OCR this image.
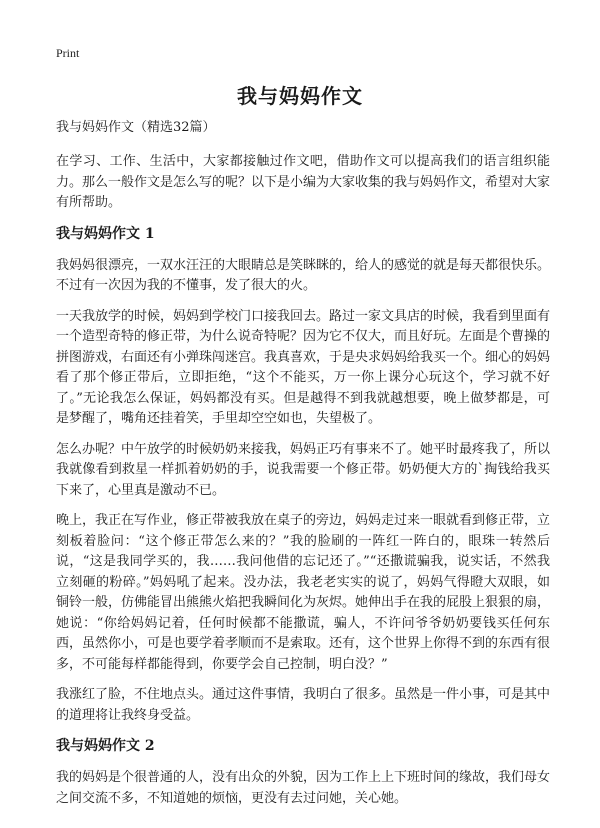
Print
我与妈妈作文
我与妈妈作文（精选32篇）

在学习、工作、生活中，大家都接触过作文吧，借助作文可以提高我们的语言组织能力。那么一般作文是怎么写的呢？以下是小编为大家收集的我与妈妈作文，希望对大家有所帮助。

我与妈妈作文 1

我妈妈很漂亮，一双水汪汪的大眼睛总是笑眯眯的，给人的感觉的就是每天都很快乐。不过有一次因为我的不懂事，发了很大的火。

一天我放学的时候，妈妈到学校门口接我回去。路过一家文具店的时候，我看到里面有一个造型奇特的修正带，为什么说奇特呢？因为它不仅大，而且好玩。左面是个曹操的拼图游戏，右面还有小弹珠闯迷宫。我真喜欢，于是央求妈妈给我买一个。细心的妈妈看了那个修正带后，立即拒绝，“这个不能买，万一你上课分心玩这个，学习就不好了。”无论我怎么保证，妈妈都没有买。但是越得不到我就越想要，晚上做梦都是，可是梦醒了，嘴角还挂着笑，手里却空空如也，失望极了。

怎么办呢？中午放学的时候奶奶来接我，妈妈正巧有事来不了。她平时最疼我了，所以我就像看到救星一样抓着奶奶的手，说我需要一个修正带。奶奶便大方的`掏钱给我买下来了，心里真是激动不已。

晚上，我正在写作业，修正带被我放在桌子的旁边，妈妈走过来一眼就看到修正带，立刻板着脸问：“这个修正带怎么来的？”我的脸刷的一阵红一阵白的，眼珠一转然后说，“这是我同学买的，我……我问他借的忘记还了。”“还撒谎骗我，说实话，不然我立刻砸的粉碎。”妈妈吼了起来。没办法，我老老实实的说了，妈妈气得瞪大双眼，如铜铃一般，仿佛能冒出熊熊火焰把我瞬间化为灰烬。她伸出手在我的屁股上狠狠的扇，她说：“你给妈妈记着，任何时候都不能撒谎，骗人，不许问爷爷奶奶要钱买任何东西，虽然你小，可是也要学着孝顺而不是索取。还有，这个世界上你得不到的东西有很多，不可能每样都能得到，你要学会自己控制，明白没？”

我涨红了脸，不住地点头。通过这件事情，我明白了很多。虽然是一件小事，可是其中的道理将让我终身受益。

我与妈妈作文 2

我的妈妈是个很普通的人，没有出众的外貌，因为工作上上下班时间的缘故，我们母女之间交流不多，不知道她的烦恼，更没有去过问她，关心她。
